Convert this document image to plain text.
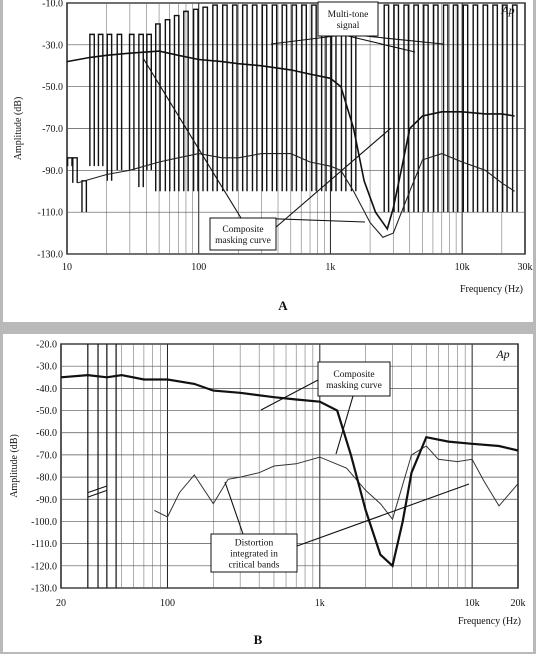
-10.0
-30.0
-50.0
-70.0
-90.0
-110.0
-130.0
10	100	1k	10k	30k
Frequency (Hz)
Amplitude (dB)
A
Ap
Multi-tone
signal
Composite
masking curve
-20.0
-30.0
-40.0
-50.0
-60.0
-70.0
-80.0
-90.0
-100.0
-110.0
-120.0
-130.0
20	100	1k	10k	20k
Frequency (Hz)
Amplitude (dB)
B
Ap
Composite
masking curve
Distortion
integrated in
critical bands
